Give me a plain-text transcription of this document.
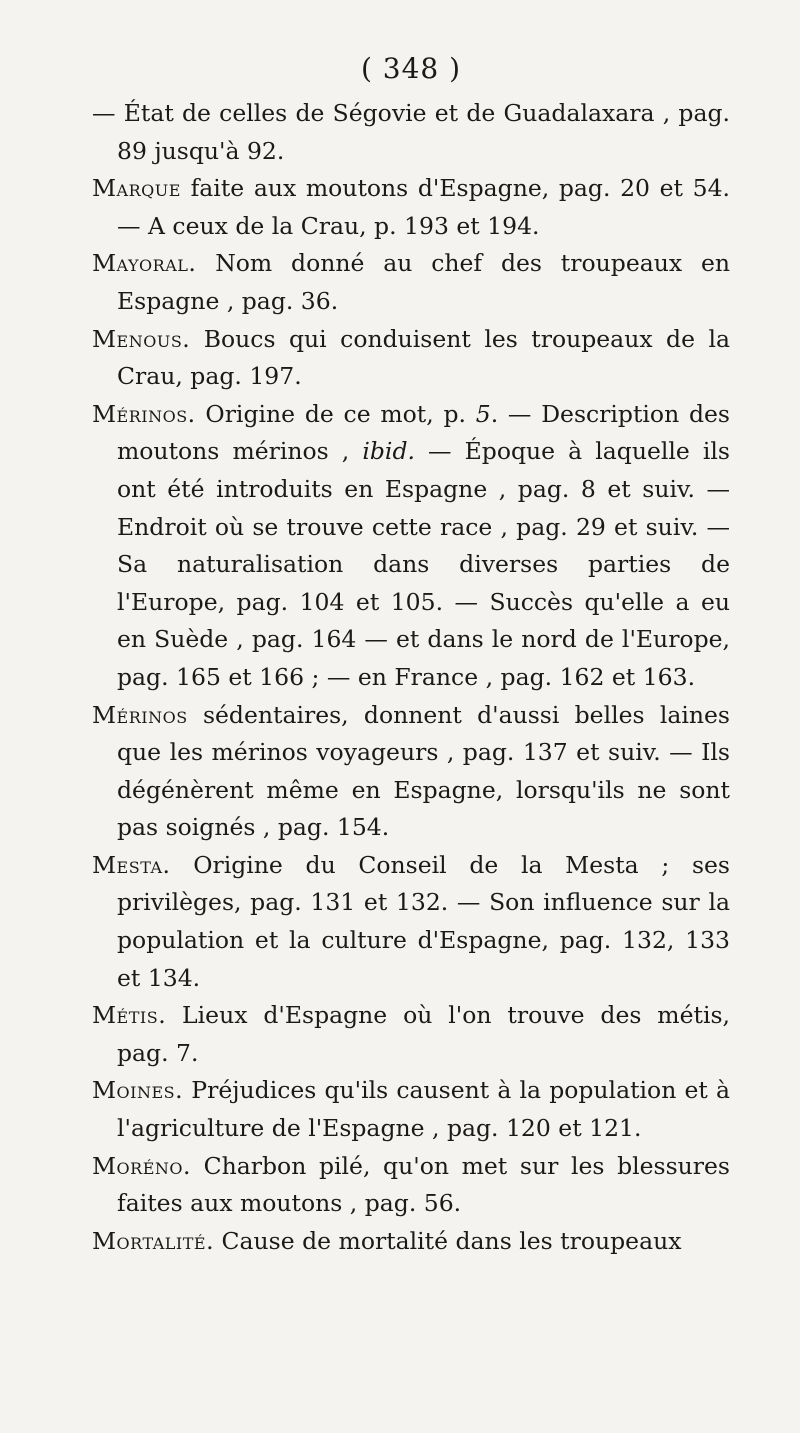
( 348 )

— État de celles de Ségovie et de Guadalaxara , pag. 89 jusqu'à 92.

Marque faite aux moutons d'Espagne, pag. 20 et 54. — A ceux de la Crau, p. 193 et 194.

Mayoral. Nom donné au chef des troupeaux en Espagne , pag. 36.

Menous. Boucs qui conduisent les troupeaux de la Crau, pag. 197.

Mérinos. Origine de ce mot, p. 5. — Description des moutons mérinos , ibid. — Époque à laquelle ils ont été introduits en Espagne , pag. 8 et suiv. — Endroit où se trouve cette race , pag. 29 et suiv. — Sa naturalisation dans diverses parties de l'Europe, pag. 104 et 105. — Succès qu'elle a eu en Suède , pag. 164 — et dans le nord de l'Europe, pag. 165 et 166 ; — en France , pag. 162 et 163.

Mérinos sédentaires, donnent d'aussi belles laines que les mérinos voyageurs , pag. 137 et suiv. — Ils dégénèrent même en Espagne, lorsqu'ils ne sont pas soignés , pag. 154.

Mesta. Origine du Conseil de la Mesta ; ses privilèges, pag. 131 et 132. — Son influence sur la population et la culture d'Espagne, pag. 132, 133 et 134.

Métis. Lieux d'Espagne où l'on trouve des métis, pag. 7.

Moines. Préjudices qu'ils causent à la population et à l'agriculture de l'Espagne , pag. 120 et 121.

Moréno. Charbon pilé, qu'on met sur les blessures faites aux moutons , pag. 56.

Mortalité. Cause de mortalité dans les troupeaux
